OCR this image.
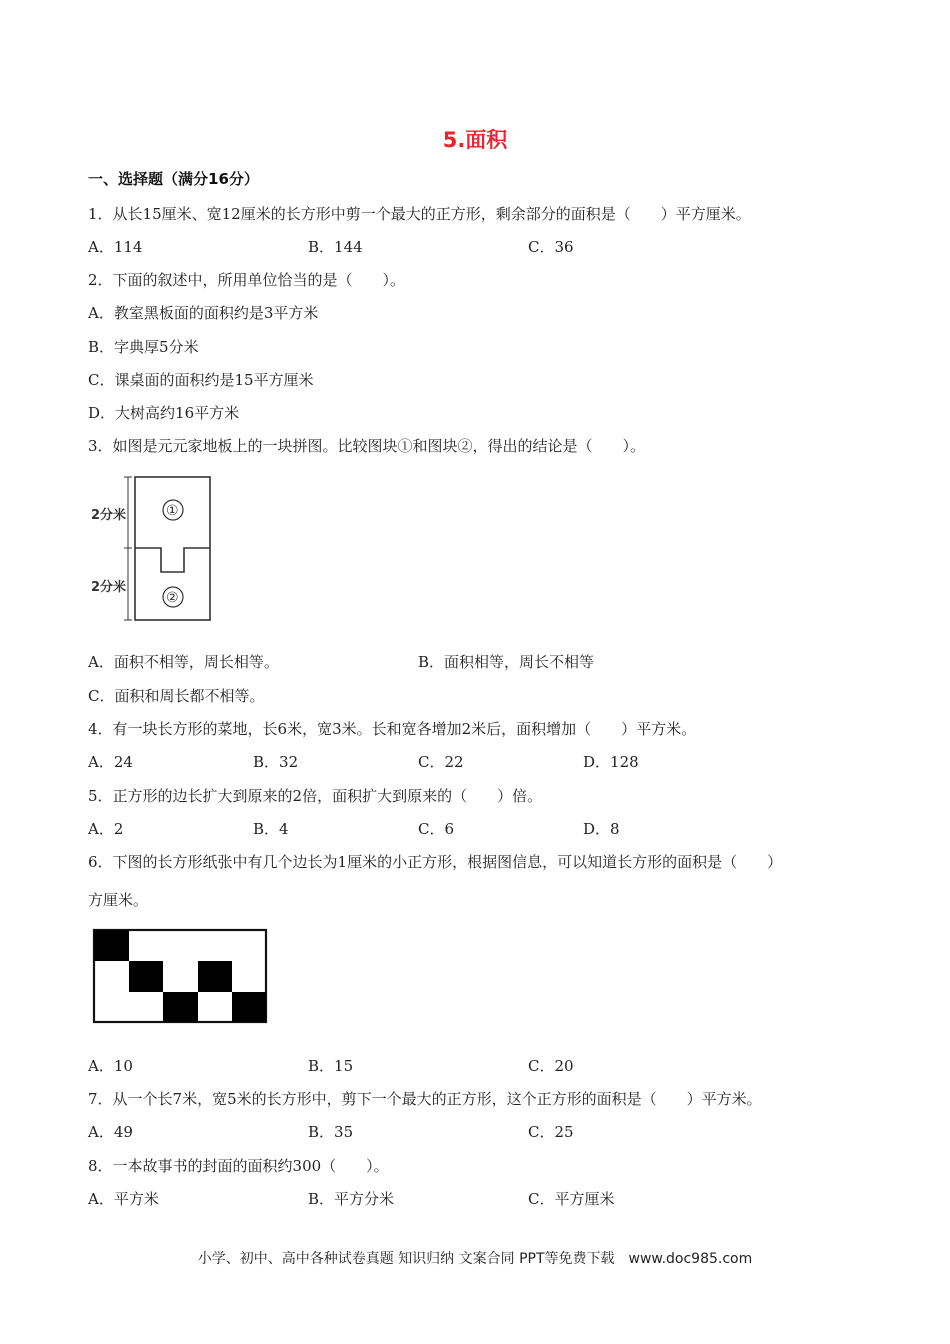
5.面积
一、选择题（满分16分）
1．从长15厘米、宽12厘米的长方形中剪一个最大的正方形，剩余部分的面积是（　　）平方厘米。
A．114	B．144	C．36
2．下面的叙述中，所用单位恰当的是（　　）。
A．教室黑板面的面积约是3平方米
B．字典厚5分米
C．课桌面的面积约是15平方厘米
D．大树高约16平方米
3．如图是元元家地板上的一块拼图。比较图块①和图块②，得出的结论是（　　）。
2分米
2分米
①
②
A．面积不相等，周长相等。	B．面积相等，周长不相等
C．面积和周长都不相等。
4．有一块长方形的菜地，长6米，宽3米。长和宽各增加2米后，面积增加（　　）平方米。
A．24	B．32	C．22	D．128
5．正方形的边长扩大到原来的2倍，面积扩大到原来的（　　）倍。
A．2	B．4	C．6	D．8
6．下图的长方形纸张中有几个边长为1厘米的小正方形，根据图信息，可以知道长方形的面积是（　　）
方厘米。
A．10	B．15	C．20
7．从一个长7米，宽5米的长方形中，剪下一个最大的正方形，这个正方形的面积是（　　）平方米。
A．49	B．35	C．25
8．一本故事书的封面的面积约300（　　）。
A．平方米	B．平方分米	C．平方厘米
小学、初中、高中各种试卷真题 知识归纳 文案合同 PPT等免费下载　www.doc985.com
